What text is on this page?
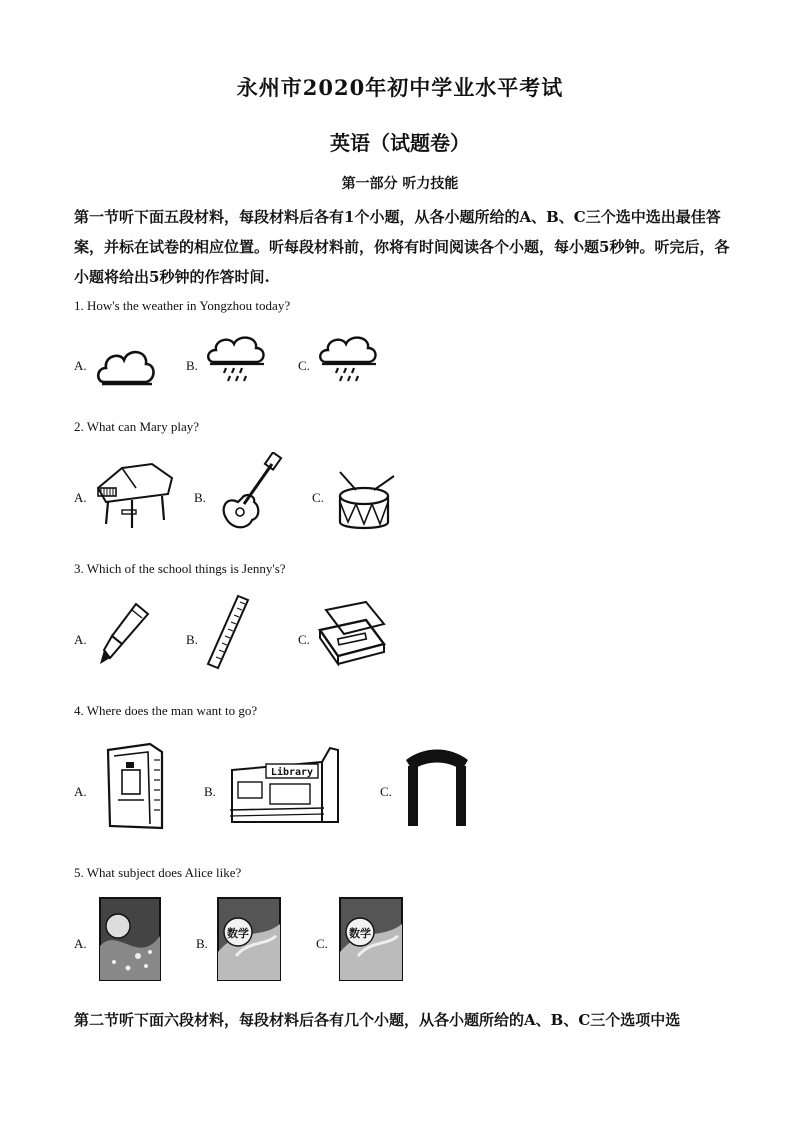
永州市2020年初中学业水平考试
英语（试题卷）
第一部分 听力技能
第一节听下面五段材料，每段材料后各有1个小题，从各小题所给的A、B、C三个选中选出最佳答案，并标在试卷的相应位置。听每段材料前，你将有时间阅读各个小题，每小题5秒钟。听完后，各小题将给出5秒钟的作答时间.
1. How's the weather in Yongzhou today?
A.	B.	C.
2. What can Mary play?
A.	B.	C.
3. Which of the school things is Jenny's?
A.	B.	C.
4. Where does the man want to go?
A.	B.
Library
C.
5. What subject does Alice like?
A.	B.
数学
C.
数学
第二节听下面六段材料，每段材料后各有几个小题，从各小题所给的A、B、C三个选项中选
